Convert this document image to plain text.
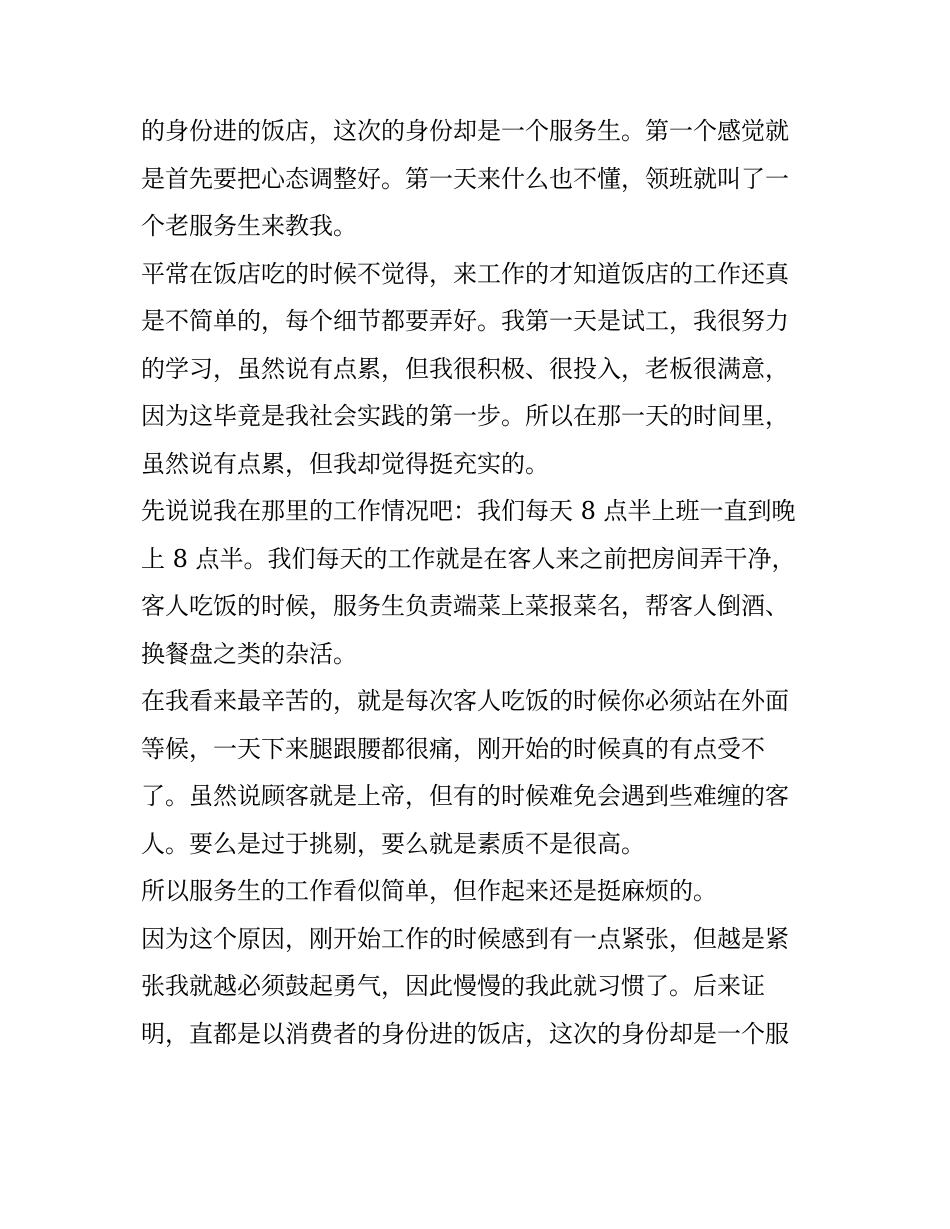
的身份进的饭店，这次的身份却是一个服务生。第一个感觉就

是首先要把心态调整好。第一天来什么也不懂，领班就叫了一

个老服务生来教我。

平常在饭店吃的时候不觉得，来工作的才知道饭店的工作还真

是不简单的，每个细节都要弄好。我第一天是试工，我很努力

的学习，虽然说有点累，但我很积极、很投入，老板很满意，

因为这毕竟是我社会实践的第一步。所以在那一天的时间里，

虽然说有点累，但我却觉得挺充实的。

先说说我在那里的工作情况吧：我们每天 8 点半上班一直到晚

上 8 点半。我们每天的工作就是在客人来之前把房间弄干净，

客人吃饭的时候，服务生负责端菜上菜报菜名，帮客人倒酒、

换餐盘之类的杂活。

在我看来最辛苦的，就是每次客人吃饭的时候你必须站在外面

等候，一天下来腿跟腰都很痛，刚开始的时候真的有点受不

了。虽然说顾客就是上帝，但有的时候难免会遇到些难缠的客

人。要么是过于挑剔，要么就是素质不是很高。

所以服务生的工作看似简单，但作起来还是挺麻烦的。

因为这个原因，刚开始工作的时候感到有一点紧张，但越是紧

张我就越必须鼓起勇气，因此慢慢的我此就习惯了。后来证

明，直都是以消费者的身份进的饭店，这次的身份却是一个服
